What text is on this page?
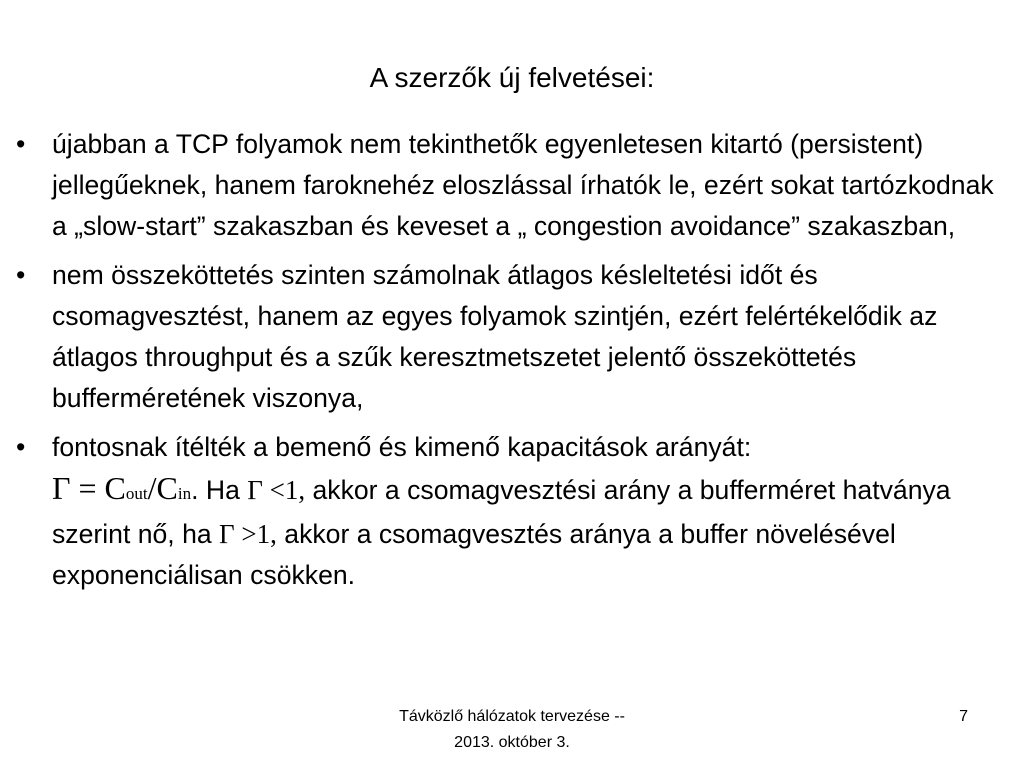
A szerzők új felvetései:
• újabban a TCP folyamok nem tekinthetők egyenletesen kitartó (persistent) jellegűeknek, hanem faroknehéz eloszlással írhatók le, ezért sokat tartózkodnak a „slow-start” szakaszban és keveset a „ congestion avoidance” szakaszban,
• nem összeköttetés szinten számolnak átlagos késleltetési időt és csomagvesztést, hanem az egyes folyamok szintjén, ezért felértékelődik az átlagos throughput és a szűk keresztmetszetet jelentő összeköttetés bufferméretének viszonya,
• fontosnak ítélték a bemenő és kimenő kapacitások arányát:
Γ = Cout/Cin. Ha Γ <1, akkor a csomagvesztési arány a bufferméret hatványa szerint nő, ha Γ >1, akkor a csomagvesztés aránya a buffer növelésével exponenciálisan csökken.
Távközlő hálózatok tervezése --
2013. október 3.
7
